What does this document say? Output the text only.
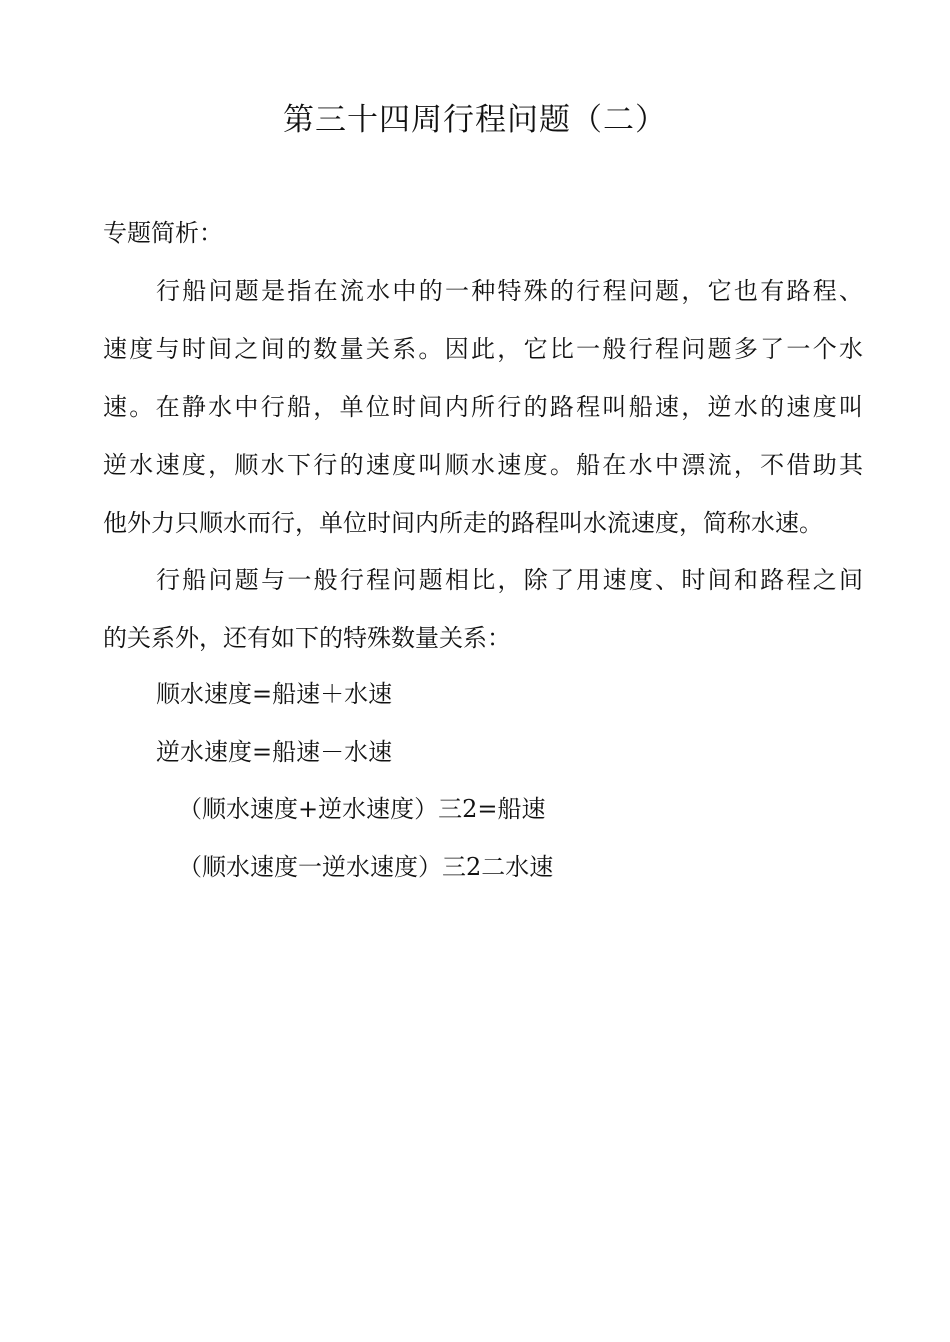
第三十四周行程问题（二）
专题简析：
行船问题是指在流水中的一种特殊的行程问题，它也有路程、
速度与时间之间的数量关系。因此，它比一般行程问题多了一个水
速。在静水中行船，单位时间内所行的路程叫船速，逆水的速度叫
逆水速度，顺水下行的速度叫顺水速度。船在水中漂流，不借助其
他外力只顺水而行，单位时间内所走的路程叫水流速度，简称水速。
行船问题与一般行程问题相比，除了用速度、时间和路程之间
的关系外，还有如下的特殊数量关系：
顺水速度=船速＋水速
逆水速度=船速－水速
（顺水速度+逆水速度）三2=船速
（顺水速度一逆水速度）三2二水速
